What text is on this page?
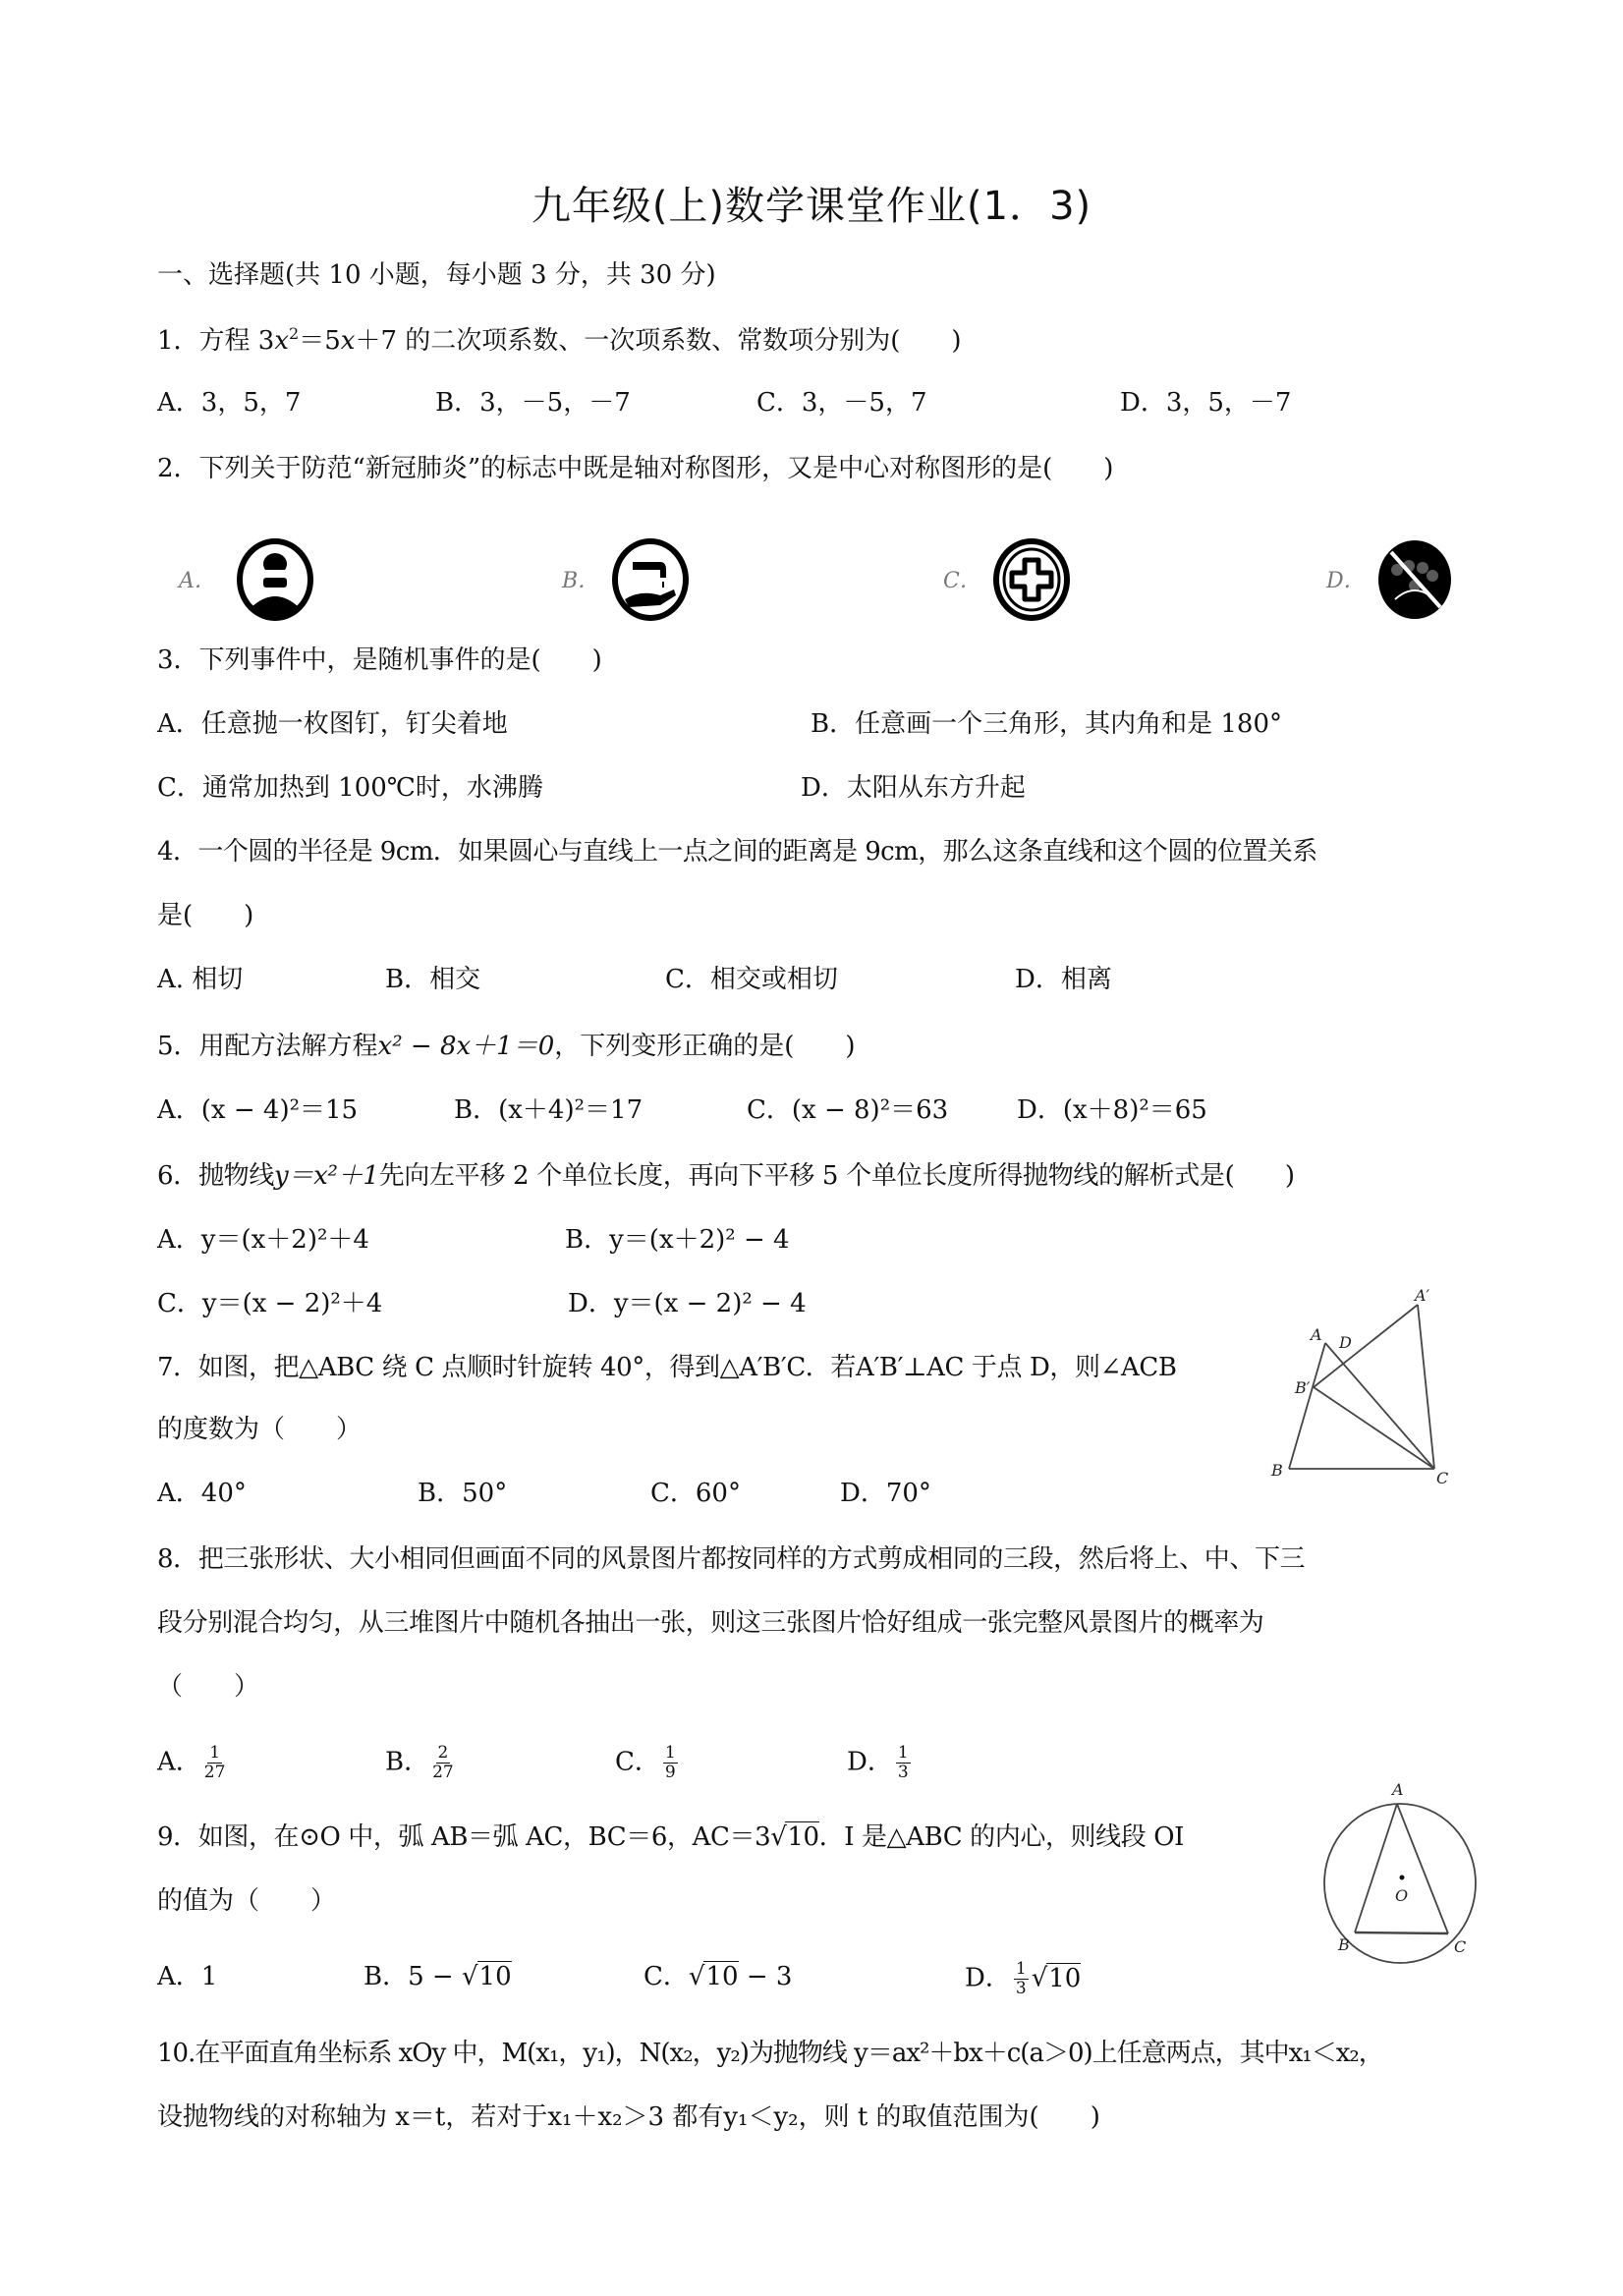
九年级(上)数学课堂作业(1．3)
一、选择题(共 10 小题，每小题 3 分，共 30 分)
1．方程 $3x^2=5x+7$ 的二次项系数、一次项系数、常数项分别为(　　)
A．3，5，7	B．3，－5，－7	C．3，－5，7	D．3，5，－7
2．下列关于防范“新冠肺炎”的标志中既是轴对称图形，又是中心对称图形的是(　　)
A．	B．	C．	D．
3．下列事件中，是随机事件的是(　　)
A．任意抛一枚图钉，钉尖着地	B．任意画一个三角形，其内角和是 180°
C．通常加热到 100℃时，水沸腾	D．太阳从东方升起
4．一个圆的半径是 9cm．如果圆心与直线上一点之间的距离是 9cm，那么这条直线和这个圆的位置关系
是(　　)
A. 相切	B．相交	C．相交或相切	D．相离
5．用配方法解方程x² − 8x＋1＝0，下列变形正确的是(　　)
A．(x − 4)²＝15	B．(x＋4)²＝17	C．(x − 8)²＝63	D．(x＋8)²＝65
6．抛物线y＝x²＋1先向左平移 2 个单位长度，再向下平移 5 个单位长度所得抛物线的解析式是(　　)
A．y＝(x＋2)²＋4	B．y＝(x＋2)² − 4
C．y＝(x − 2)²＋4	D．y＝(x − 2)² − 4
7．如图，把△ABC 绕 C 点顺时针旋转 40°，得到△A′B′C．若A′B′⊥AC 于点 D，则∠ACB
的度数为（　　）
A．40°	B．50°	C．60°	D．70°
A D
B′
A′
B	C
8．把三张形状、大小相同但画面不同的风景图片都按同样的方式剪成相同的三段，然后将上、中、下三
段分别混合均匀，从三堆图片中随机各抽出一张，则这三张图片恰好组成一张完整风景图片的概率为
（　　）
A． $\frac{1}{27}$	B． $\frac{2}{27}$	C． $\frac{1}{9}$	D． $\frac{1}{3}$
9．如图，在⊙O 中，弧 AB＝弧 AC，BC＝6，AC＝3√10．I 是△ABC 的内心，则线段 OI
的值为（　　）
A．1	B．5 − √10	C．√10 − 3	D． $\frac{1}{3} √10$
A
O
B	C
10.在平面直角坐标系 xOy 中，M(x₁，y₁)，N(x₂，y₂)为抛物线 y＝ax²＋bx＋c(a＞0)上任意两点，其中x₁＜x₂，
设抛物线的对称轴为 x＝t，若对于x₁＋x₂＞3 都有y₁＜y₂，则 t 的取值范围为(　　)
